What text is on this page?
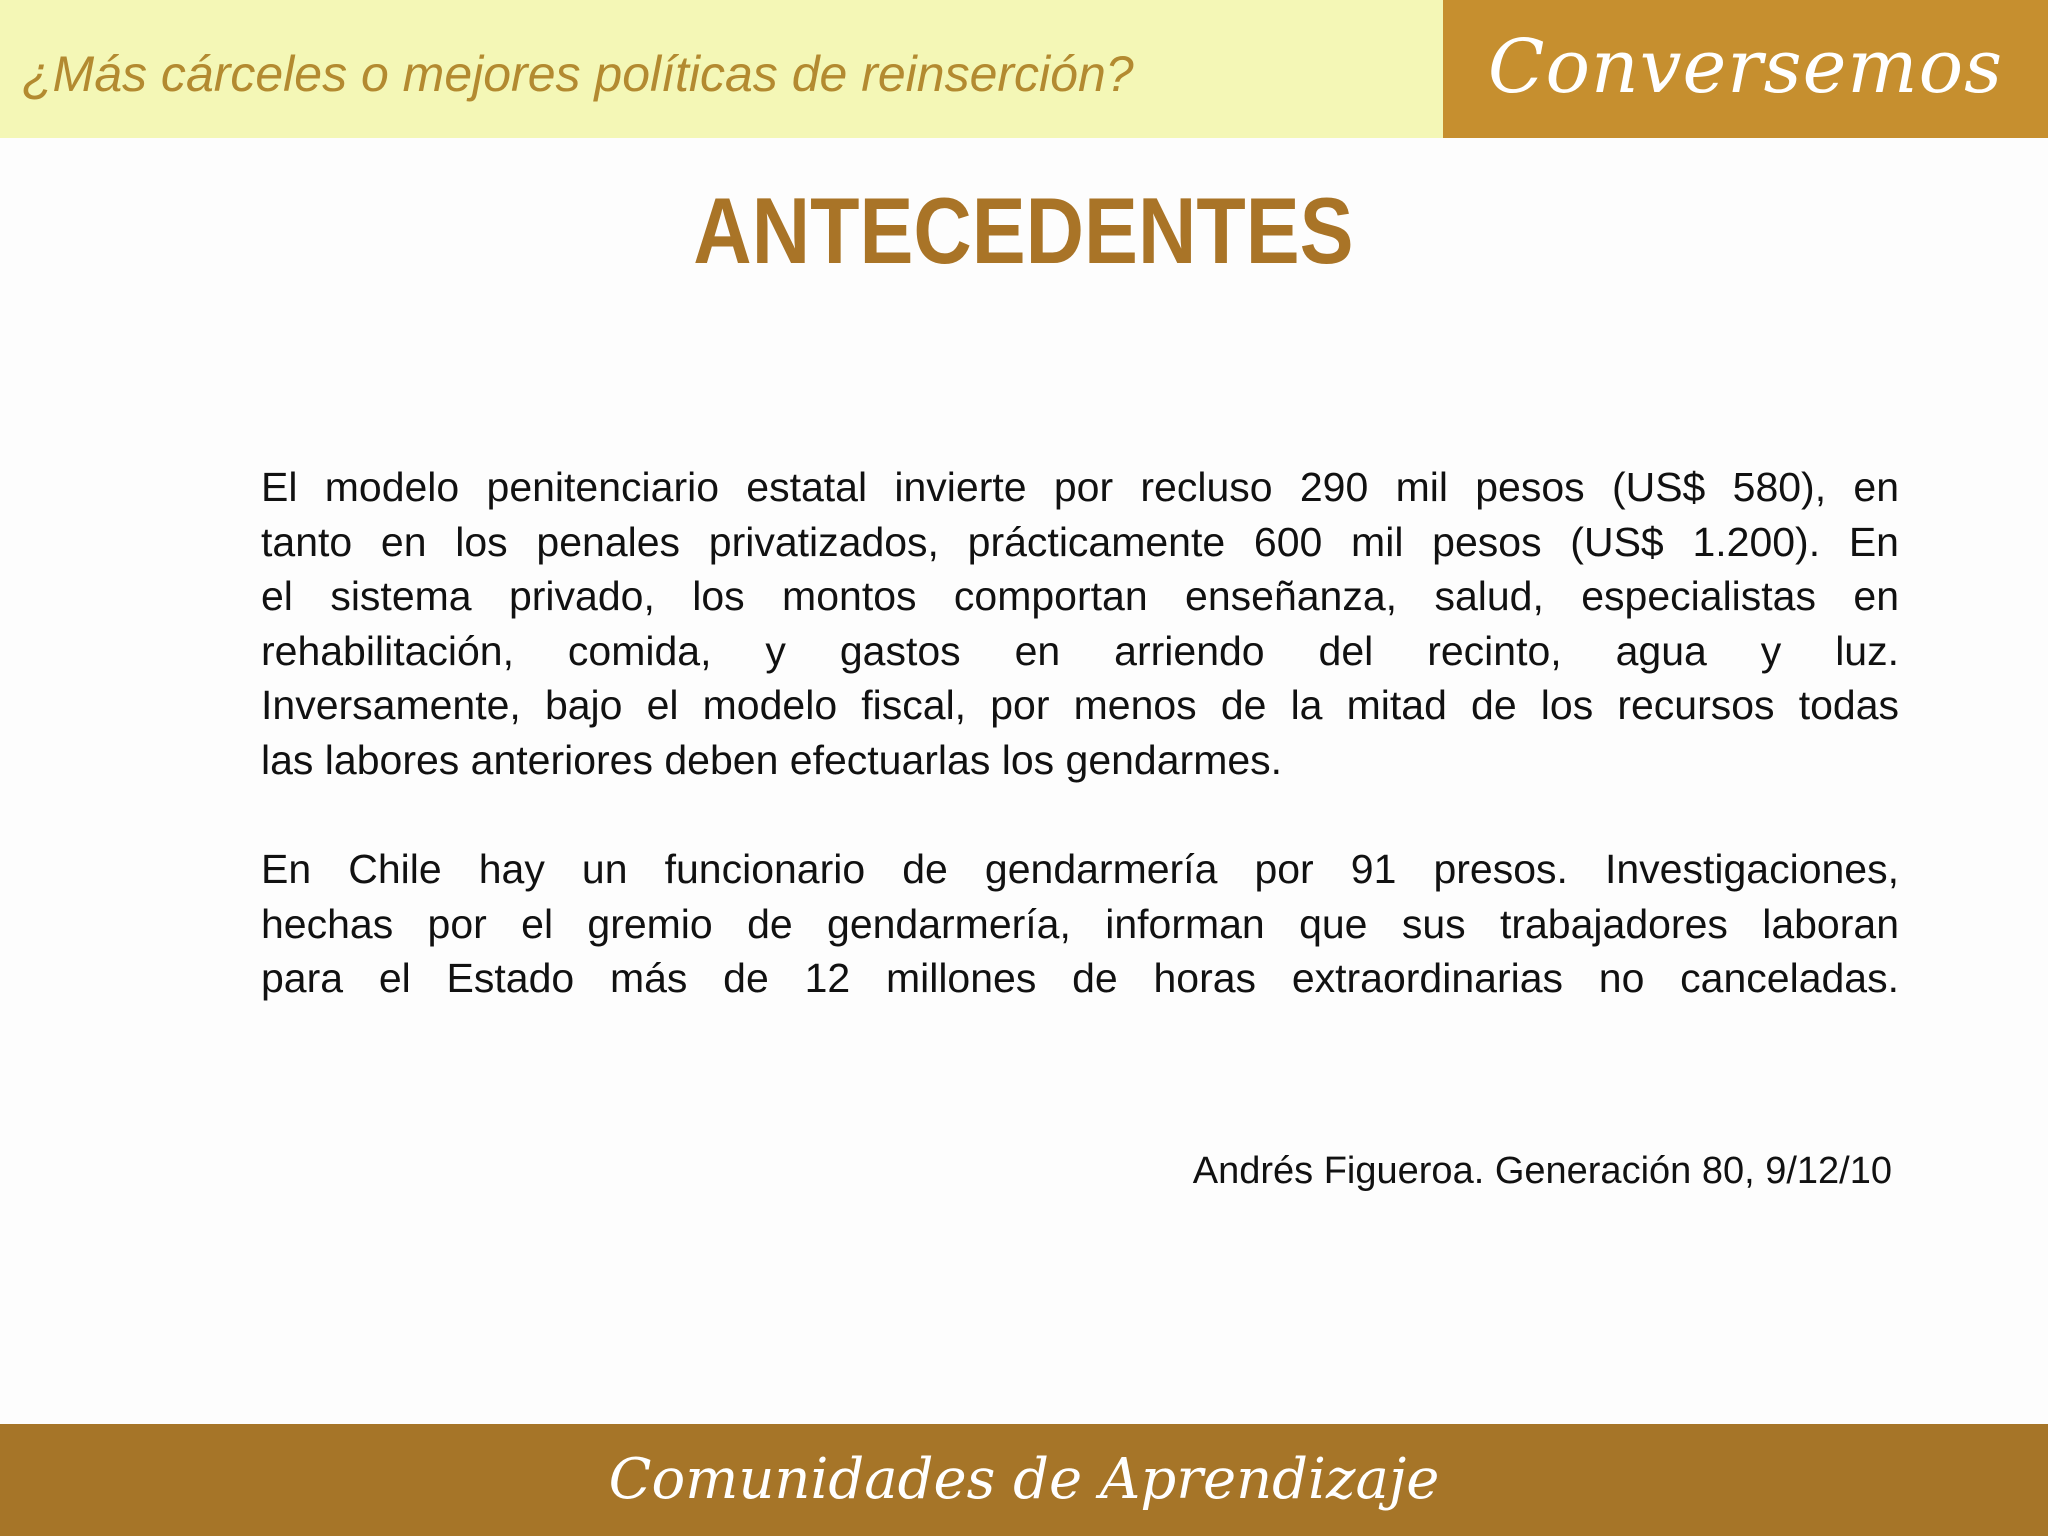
¿Más cárceles o mejores políticas de reinserción?	Conversemos
ANTECEDENTES

El modelo penitenciario estatal invierte por recluso 290 mil pesos (US$ 580), en

tanto en los penales privatizados, prácticamente 600 mil pesos (US$ 1.200). En

el sistema privado, los montos comportan enseñanza, salud, especialistas en

rehabilitación, comida, y gastos en arriendo del recinto, agua y luz.

Inversamente, bajo el modelo fiscal, por menos de la mitad de los recursos todas

las labores anteriores deben efectuarlas los gendarmes.

En Chile hay un funcionario de gendarmería por 91 presos. Investigaciones,

hechas por el gremio de gendarmería, informan que sus trabajadores laboran

para el Estado más de 12 millones de horas extraordinarias no canceladas.

Andrés Figueroa. Generación 80, 9/12/10
Comunidades de Aprendizaje
